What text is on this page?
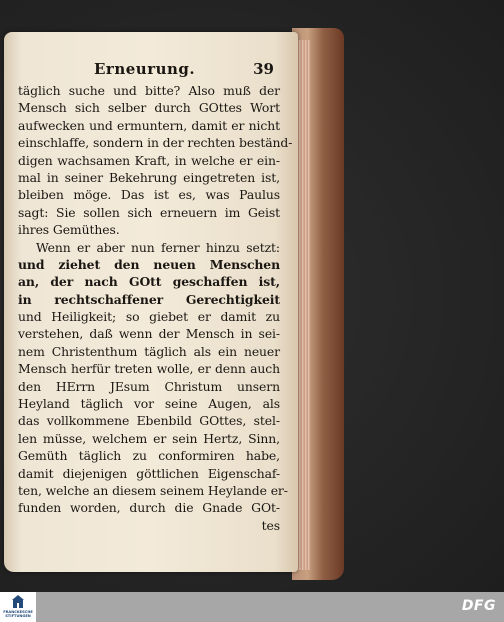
Erneurung.	39
täglich suche und bitte? Also muß der
Mensch sich selber durch GOttes Wort
aufwecken und ermuntern, damit er nicht
einschlaffe, sondern in der rechten beständ-
digen wachsamen Kraft, in welche er ein-
mal in seiner Bekehrung eingetreten ist,
bleiben möge. Das ist es, was Paulus
sagt: Sie sollen sich erneuern im Geist
ihres Gemüthes.
Wenn er aber nun ferner hinzu setzt:
und ziehet den neuen Menschen
an, der nach GOtt geschaffen ist,
in rechtschaffener Gerechtigkeit
und Heiligkeit; so giebet er damit zu
verstehen, daß wenn der Mensch in sei-
nem Christenthum täglich als ein neuer
Mensch herfür treten wolle, er denn auch
den HErrn JEsum Christum unsern
Heyland täglich vor seine Augen, als
das vollkommene Ebenbild GOttes, stel-
len müsse, welchem er sein Hertz, Sinn,
Gemüth täglich zu conformiren habe,
damit diejenigen göttlichen Eigenschaf-
ten, welche an diesem seinem Heylande er-
funden worden, durch die Gnade GOt-
tes
FRANCKESCHE STIFTUNGEN
DFG
